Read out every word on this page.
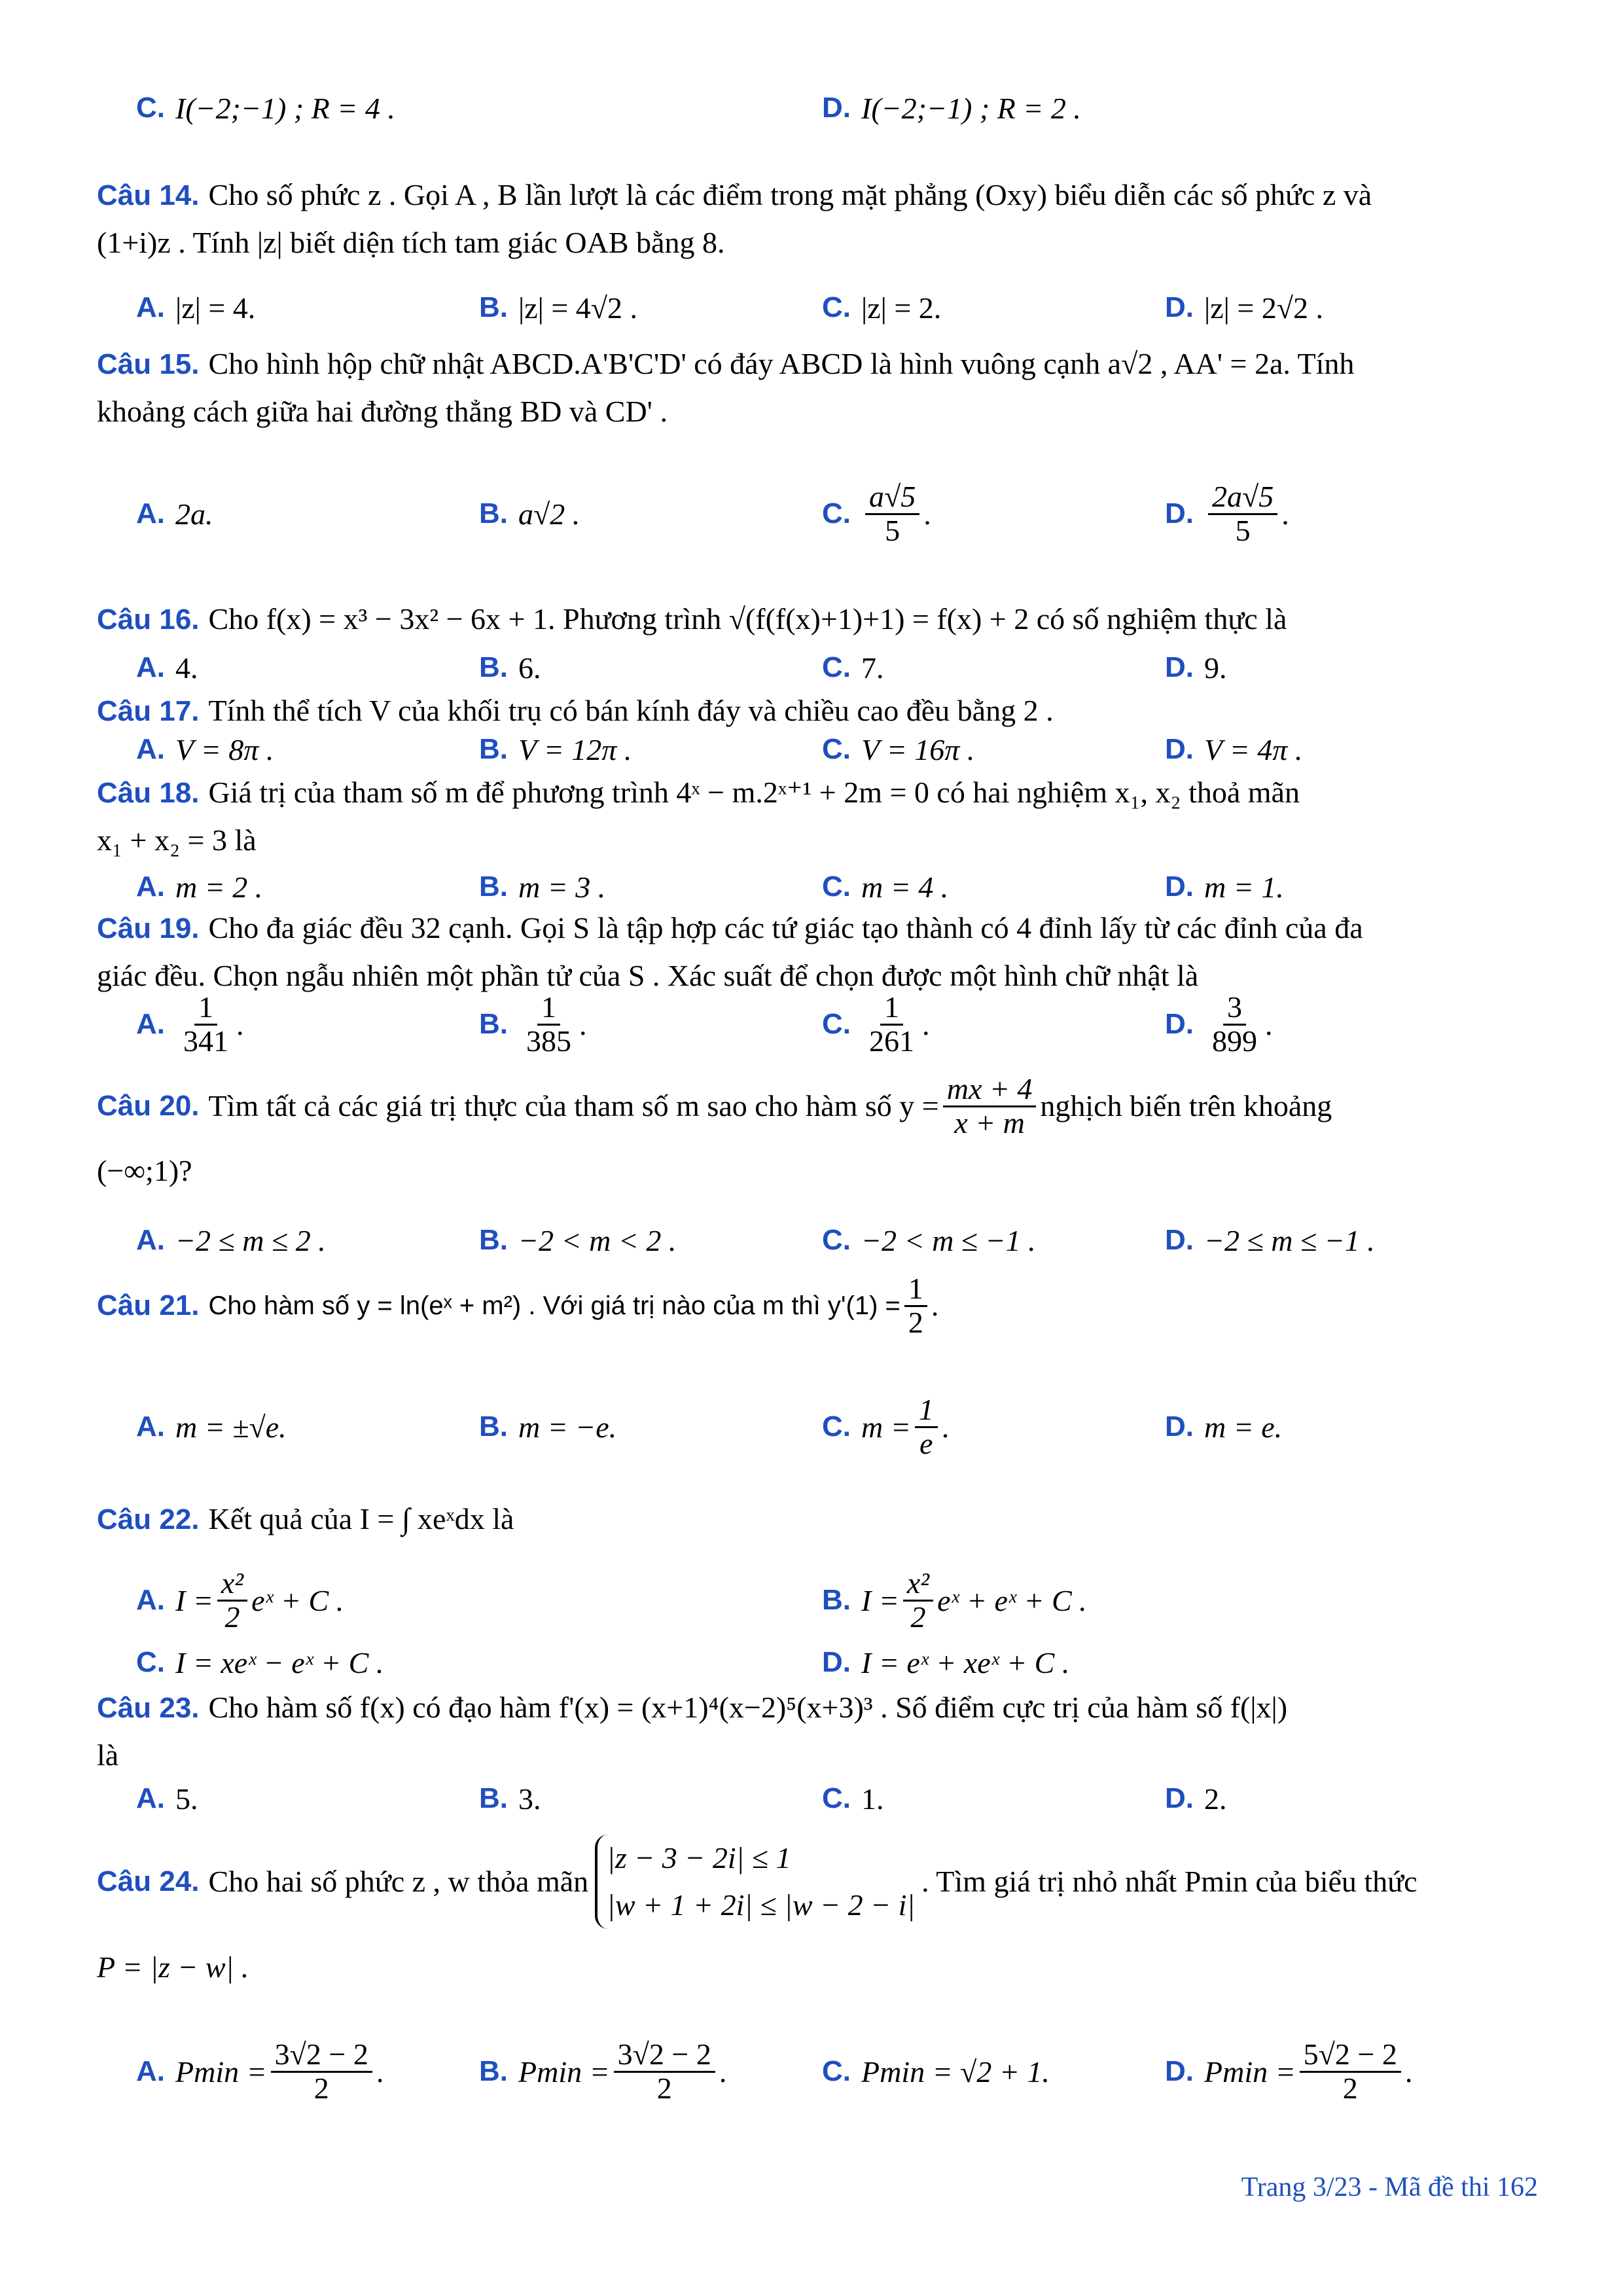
C. I(−2;−1) ; R = 4 .	D. I(−2;−1) ; R = 2 .
Câu 14. Cho số phức z . Gọi A , B lần lượt là các điểm trong mặt phẳng (Oxy) biểu diễn các số phức z và
(1+i)z . Tính |z| biết diện tích tam giác OAB bằng 8.
A. |z| = 4.	B. |z| = 4√2 .	C. |z| = 2.	D. |z| = 2√2 .
Câu 15. Cho hình hộp chữ nhật ABCD.A'B'C'D' có đáy ABCD là hình vuông cạnh a√2 , AA' = 2a. Tính
khoảng cách giữa hai đường thẳng BD và CD' .
A. 2a.	B. a√2 .	C. $\frac{a√5}{5}$ .	D. $\frac{2a√5}{5}$ .
Câu 16. Cho f(x) = x³ − 3x² − 6x + 1. Phương trình √(f(f(x)+1)+1) = f(x) + 2 có số nghiệm thực là
A. 4.	B. 6.	C. 7.	D. 9.
Câu 17. Tính thể tích V của khối trụ có bán kính đáy và chiều cao đều bằng 2 .
A. V = 8π .	B. V = 12π .	C. V = 16π .	D. V = 4π .
Câu 18. Giá trị của tham số m để phương trình 4ˣ − m.2ˣ⁺¹ + 2m = 0 có hai nghiệm x₁, x₂ thoả mãn
x₁ + x₂ = 3 là
A. m = 2 .	B. m = 3 .	C. m = 4 .	D. m = 1.
Câu 19. Cho đa giác đều 32 cạnh. Gọi S là tập hợp các tứ giác tạo thành có 4 đỉnh lấy từ các đỉnh của đa
giác đều. Chọn ngẫu nhiên một phần tử của S . Xác suất để chọn được một hình chữ nhật là
A. $\frac{1}{341}$ .	B. $\frac{1}{385}$ .	C. $\frac{1}{261}$ .	D. $\frac{3}{899}$ .
Câu 20. Tìm tất cả các giá trị thực của tham số m sao cho hàm số $y = \frac{mx + 4}{x + m}$ nghịch biến trên khoảng
(−∞;1)?
A. −2 ≤ m ≤ 2 .	B. −2 < m < 2 .	C. −2 < m ≤ −1 .	D. −2 ≤ m ≤ −1 .
Câu 21. Cho hàm số y = ln(eˣ + m²) . Với giá trị nào của m thì $y'(1) = \frac{1}{2}$ .
A. m = ±√e.	B. m = −e.	C. $m = \frac{1}{e}$ .	D. m = e.
Câu 22. Kết quả của I = ∫ xeˣdx là
A. $I = \frac{\text{x²}}{2}$ eˣ + C .	B. $I = \frac{\text{x²}}{2}$ eˣ + eˣ + C .
C. I = xeˣ − eˣ + C .	D. I = eˣ + xeˣ + C .
Câu 23. Cho hàm số f(x) có đạo hàm f'(x) = (x+1)⁴(x−2)⁵(x+3)³ . Số điểm cực trị của hàm số f(|x|)
là
A. 5.	B. 3.	C. 1.	D. 2.
Câu 24. Cho hai số phức z , w thỏa mãn
|z − 3 − 2i| ≤ 1
|w + 1 + 2i| ≤ |w − 2 − i|
. Tìm giá trị nhỏ nhất Pmin của biểu thức
P = |z − w| .
A. $Pmin = \frac{3√2 - 2}{2}$ .	B. $Pmin = \frac{3√2 - 2}{2}$ .	C. Pmin = √2 + 1.	D. $Pmin = \frac{5√2 - 2}{2}$ .
Trang 3/23 - Mã đề thi 162
